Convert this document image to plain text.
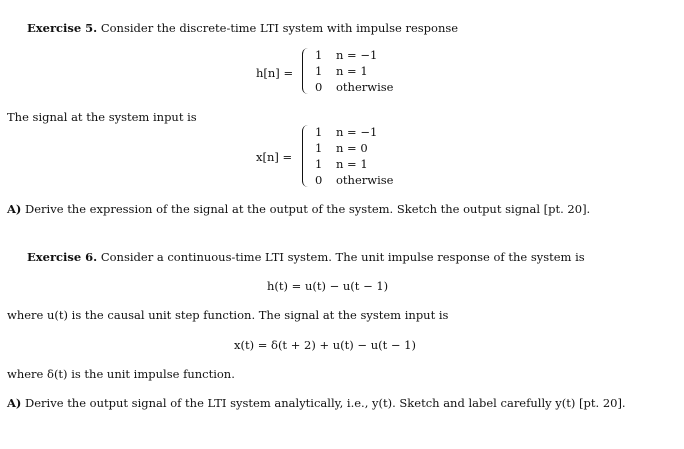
Exercise 5. Consider the discrete-time LTI system with impulse response
h[n] =
1 n = −1
1 n = 1
0 otherwise
The signal at the system input is
x[n] =
1 n = −1
1 n = 0
1 n = 1
0 otherwise
A) Derive the expression of the signal at the output of the system. Sketch the output signal [pt. 20].
Exercise 6. Consider a continuous-time LTI system. The unit impulse response of the system is
h(t) = u(t) − u(t − 1)
where u(t) is the causal unit step function. The signal at the system input is
x(t) = δ(t + 2) + u(t) − u(t − 1)
where δ(t) is the unit impulse function.
A) Derive the output signal of the LTI system analytically, i.e., y(t). Sketch and label carefully y(t) [pt. 20].
